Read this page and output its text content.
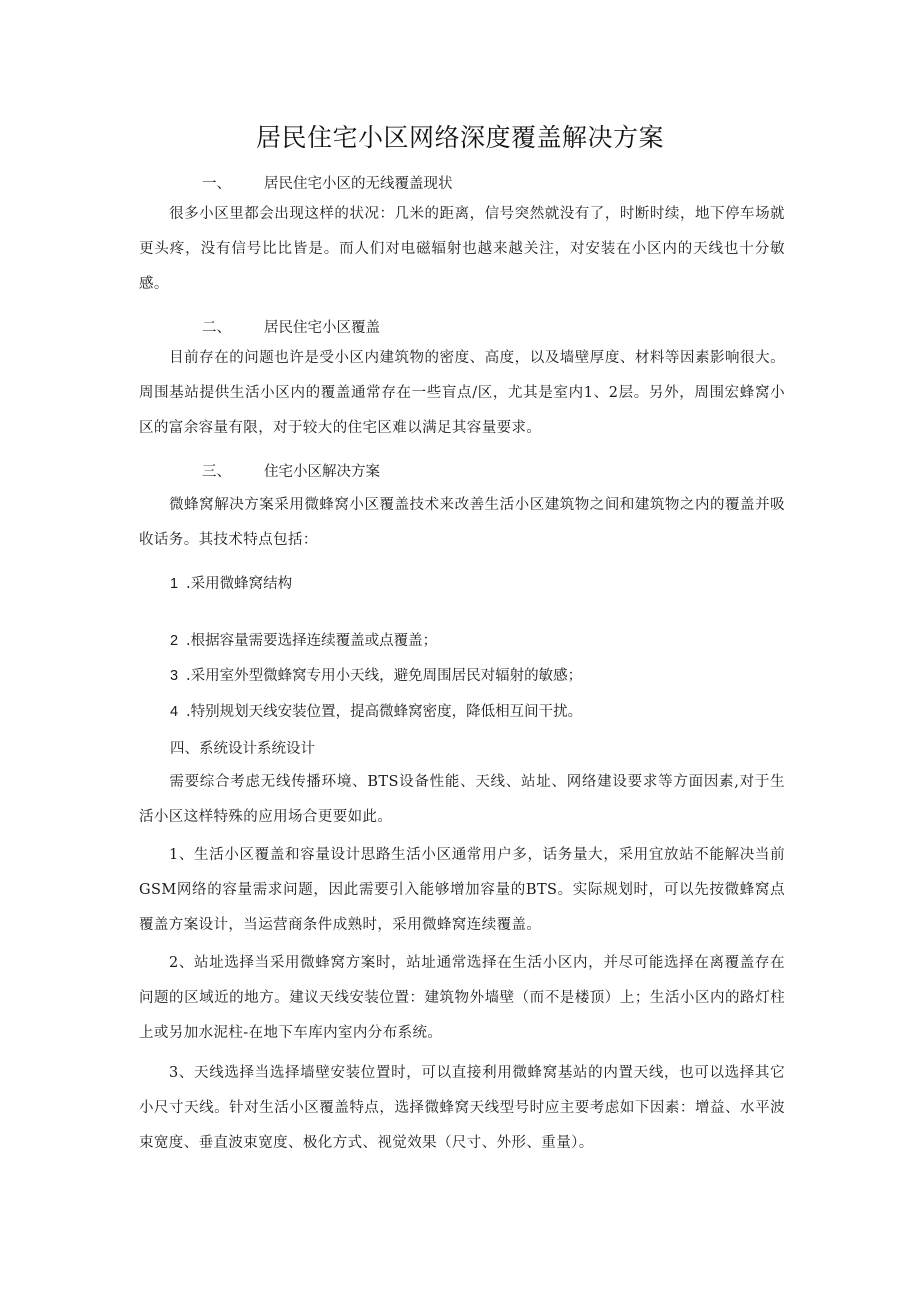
居民住宅小区网络深度覆盖解决方案
一、 居民住宅小区的无线覆盖现状
很多小区里都会出现这样的状况：几米的距离，信号突然就没有了，时断时续，地下停车场就更头疼，没有信号比比皆是。而人们对电磁辐射也越来越关注，对安装在小区内的天线也十分敏感。
二、 居民住宅小区覆盖
目前存在的问题也许是受小区内建筑物的密度、高度，以及墙壁厚度、材料等因素影响很大。周围基站提供生活小区内的覆盖通常存在一些盲点/区，尤其是室内1、2层。另外，周围宏蜂窝小区的富余容量有限，对于较大的住宅区难以满足其容量要求。
三、 住宅小区解决方案
微蜂窝解决方案采用微蜂窝小区覆盖技术来改善生活小区建筑物之间和建筑物之内的覆盖并吸收话务。其技术特点包括：
1 .采用微蜂窝结构
2 .根据容量需要选择连续覆盖或点覆盖；
3 .采用室外型微蜂窝专用小天线，避免周围居民对辐射的敏感；
4 .特别规划天线安装位置，提高微蜂窝密度，降低相互间干扰。
四、系统设计系统设计
需要综合考虑无线传播环境、BTS设备性能、天线、站址、网络建设要求等方面因素,对于生活小区这样特殊的应用场合更要如此。
1、生活小区覆盖和容量设计思路生活小区通常用户多，话务量大，采用宜放站不能解决当前GSM网络的容量需求问题，因此需要引入能够增加容量的BTS。实际规划时，可以先按微蜂窝点覆盖方案设计，当运营商条件成熟时，采用微蜂窝连续覆盖。
2、站址选择当采用微蜂窝方案时，站址通常选择在生活小区内，并尽可能选择在离覆盖存在问题的区域近的地方。建议天线安装位置：建筑物外墙壁（而不是楼顶）上；生活小区内的路灯柱上或另加水泥柱-在地下车库内室内分布系统。
3、天线选择当选择墙壁安装位置时，可以直接利用微蜂窝基站的内置天线，也可以选择其它小尺寸天线。针对生活小区覆盖特点，选择微蜂窝天线型号时应主要考虑如下因素：增益、水平波束宽度、垂直波束宽度、极化方式、视觉效果（尺寸、外形、重量）。
